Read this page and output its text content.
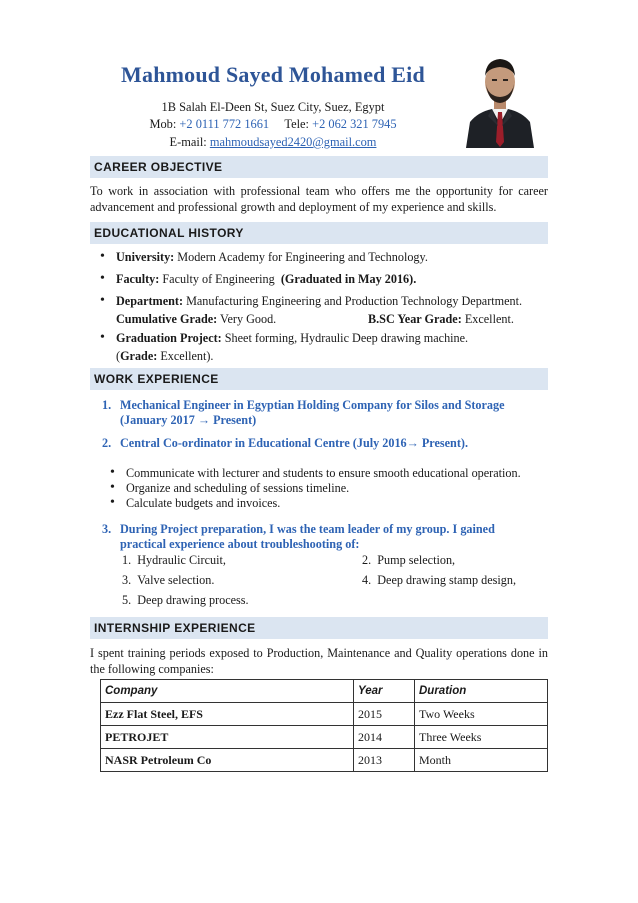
Mahmoud Sayed Mohamed Eid
1B Salah El-Deen St, Suez City, Suez, Egypt
Mob: +2 0111 772 1661 Tele: +2 062 321 7945
E-mail: mahmoudsayed2420@gmail.com
CAREER OBJECTIVE
To work in association with professional team who offers me the opportunity for career advancement and professional growth and deployment of my experience and skills.
EDUCATIONAL HISTORY
• University: Modern Academy for Engineering and Technology.
• Faculty: Faculty of Engineering (Graduated in May 2016).
• Department: Manufacturing Engineering and Production Technology Department.
Cumulative Grade: Very Good.	B.SC Year Grade: Excellent.
• Graduation Project: Sheet forming, Hydraulic Deep drawing machine.
(Grade: Excellent).
WORK EXPERIENCE
1. Mechanical Engineer in Egyptian Holding Company for Silos and Storage (January 2017 → Present)
2. Central Co-ordinator in Educational Centre (July 2016→ Present).
• Communicate with lecturer and students to ensure smooth educational operation.
• Organize and scheduling of sessions timeline.
• Calculate budgets and invoices.
3. During Project preparation, I was the team leader of my group. I gained practical experience about troubleshooting of:
1. Hydraulic Circuit,	2. Pump selection,
3. Valve selection.	4. Deep drawing stamp design,
5. Deep drawing process.
INTERNSHIP EXPERIENCE
I spent training periods exposed to Production, Maintenance and Quality operations done in the following companies:
Company	Year	Duration
Ezz Flat Steel, EFS	2015	Two Weeks
PETROJET	2014	Three Weeks
NASR Petroleum Co	2013	Month
